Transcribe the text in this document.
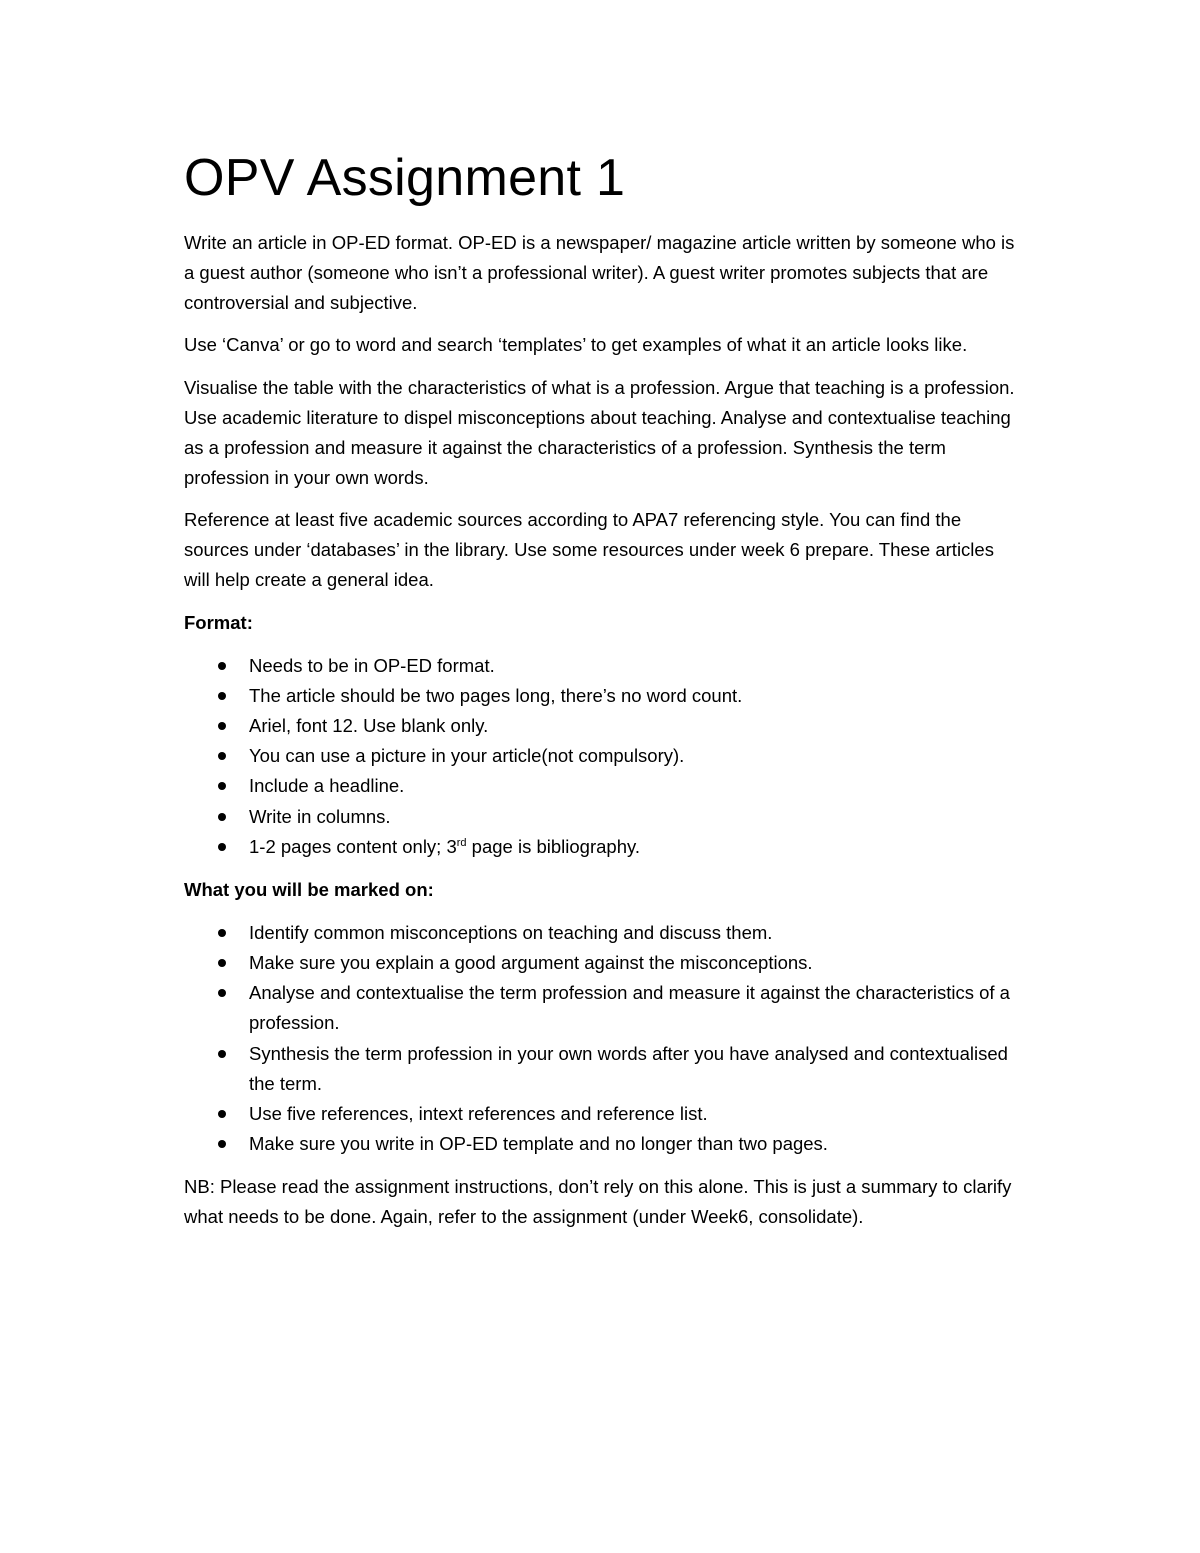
OPV Assignment 1

Write an article in OP-ED format. OP-ED is a newspaper/ magazine article written by someone who is a guest author (someone who isn’t a professional writer). A guest writer promotes subjects that are controversial and subjective.

Use ‘Canva’ or go to word and search ‘templates’ to get examples of what it an article looks like.

Visualise the table with the characteristics of what is a profession. Argue that teaching is a profession. Use academic literature to dispel misconceptions about teaching. Analyse and contextualise teaching as a profession and measure it against the characteristics of a profession. Synthesis the term profession in your own words.

Reference at least five academic sources according to APA7 referencing style. You can find the sources under ‘databases’ in the library. Use some resources under week 6 prepare. These articles will help create a general idea.

Format:

Needs to be in OP-ED format.
The article should be two pages long, there’s no word count.
Ariel, font 12. Use blank only.
You can use a picture in your article(not compulsory).
Include a headline.
Write in columns.
1-2 pages content only; 3rd page is bibliography.

What you will be marked on:

Identify common misconceptions on teaching and discuss them.
Make sure you explain a good argument against the misconceptions.
Analyse and contextualise the term profession and measure it against the characteristics of a profession.
Synthesis the term profession in your own words after you have analysed and contextualised the term.
Use five references, intext references and reference list.
Make sure you write in OP-ED template and no longer than two pages.

NB: Please read the assignment instructions, don’t rely on this alone. This is just a summary to clarify what needs to be done. Again, refer to the assignment (under Week6, consolidate).
